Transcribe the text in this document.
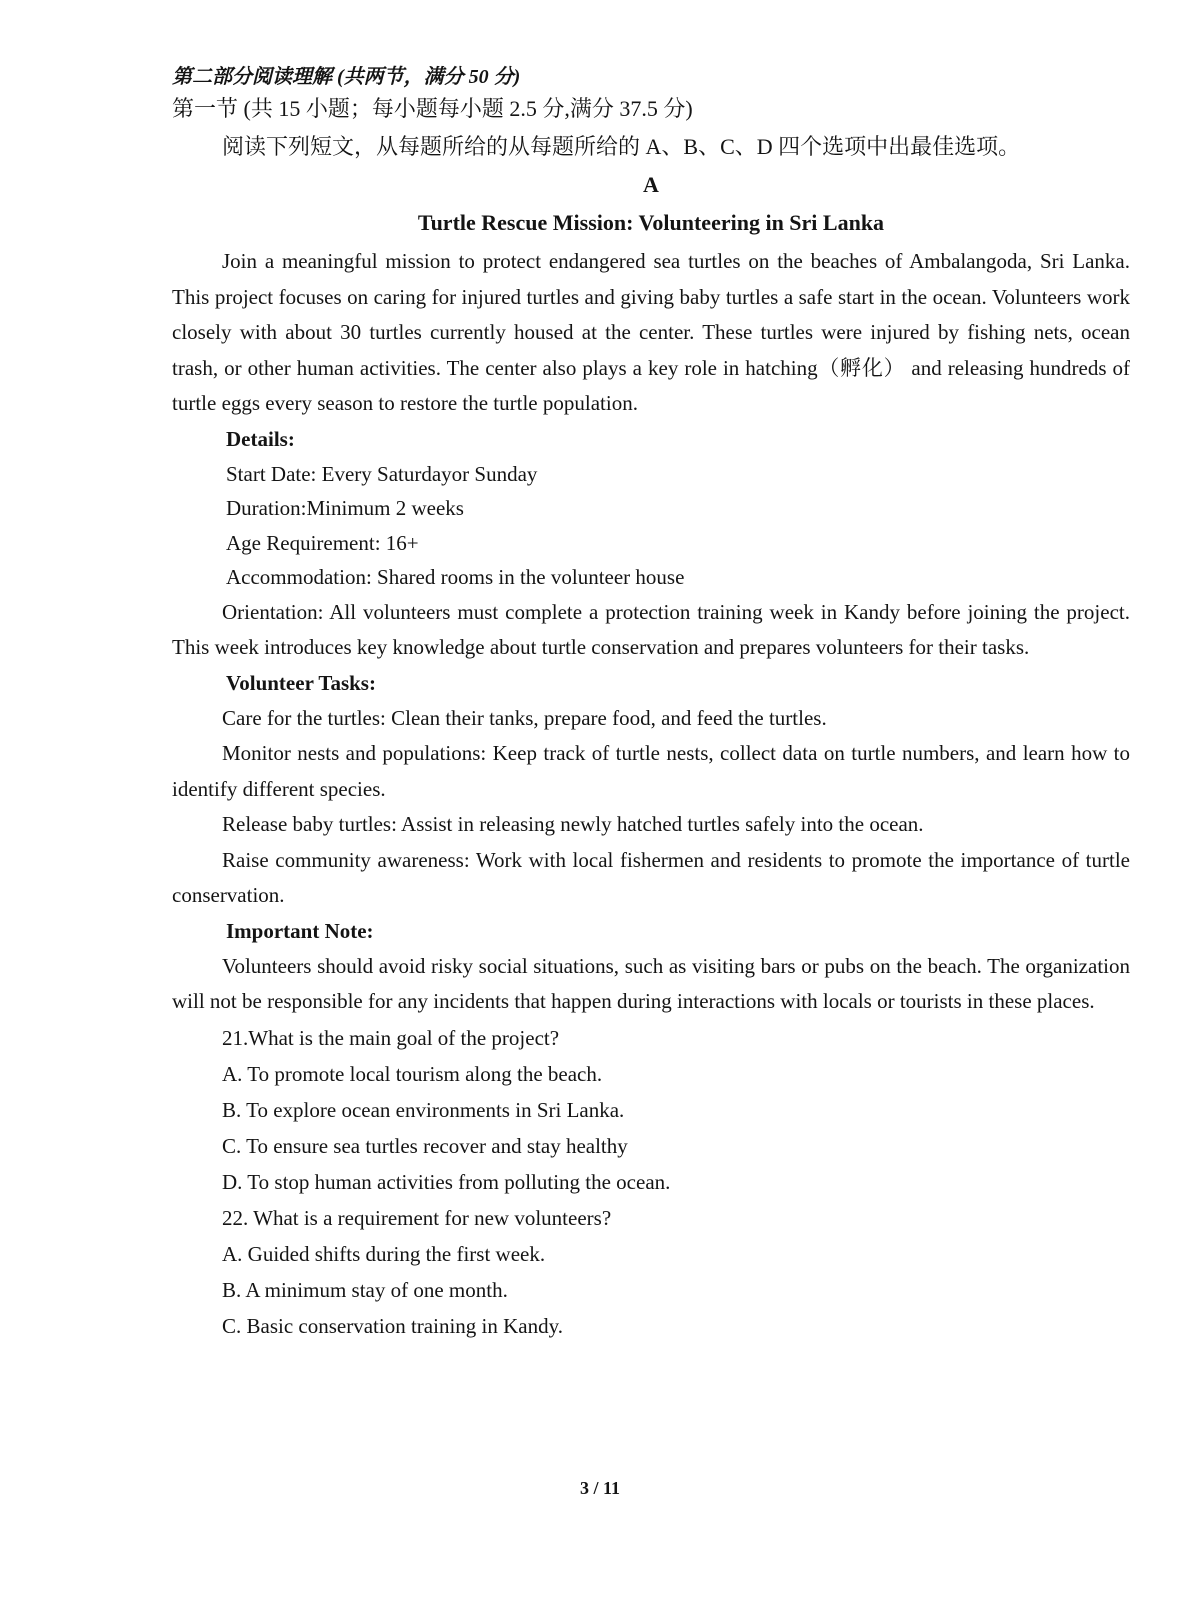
第二部分阅读理解 (共两节，满分 50 分)
第一节 (共 15 小题；每小题每小题 2.5 分,满分 37.5 分)
阅读下列短文，从每题所给的从每题所给的 A、B、C、D 四个选项中出最佳选项。
A
Turtle Rescue Mission: Volunteering in Sri Lanka

Join a meaningful mission to protect endangered sea turtles on the beaches of Ambalangoda, Sri Lanka. This project focuses on caring for injured turtles and giving baby turtles a safe start in the ocean. Volunteers work closely with about 30 turtles currently housed at the center. These turtles were injured by fishing nets, ocean trash, or other human activities. The center also plays a key role in hatching（孵化） and releasing hundreds of turtle eggs every season to restore the turtle population.

Details:
Start Date: Every Saturdayor Sunday
Duration:Minimum 2 weeks
Age Requirement: 16+
Accommodation: Shared rooms in the volunteer house

Orientation: All volunteers must complete a protection training week in Kandy before joining the project. This week introduces key knowledge about turtle conservation and prepares volunteers for their tasks.

Volunteer Tasks:

Care for the turtles: Clean their tanks, prepare food, and feed the turtles.

Monitor nests and populations: Keep track of turtle nests, collect data on turtle numbers, and learn how to identify different species.

Release baby turtles: Assist in releasing newly hatched turtles safely into the ocean.

Raise community awareness: Work with local fishermen and residents to promote the importance of turtle conservation.

Important Note:

Volunteers should avoid risky social situations, such as visiting bars or pubs on the beach. The organization will not be responsible for any incidents that happen during interactions with locals or tourists in these places.

21.What is the main goal of the project?
A. To promote local tourism along the beach.
B. To explore ocean environments in Sri Lanka.
C. To ensure sea turtles recover and stay healthy
D. To stop human activities from polluting the ocean.
22. What is a requirement for new volunteers?
A. Guided shifts during the first week.
B. A minimum stay of one month.
C. Basic conservation training in Kandy.
3 / 11
